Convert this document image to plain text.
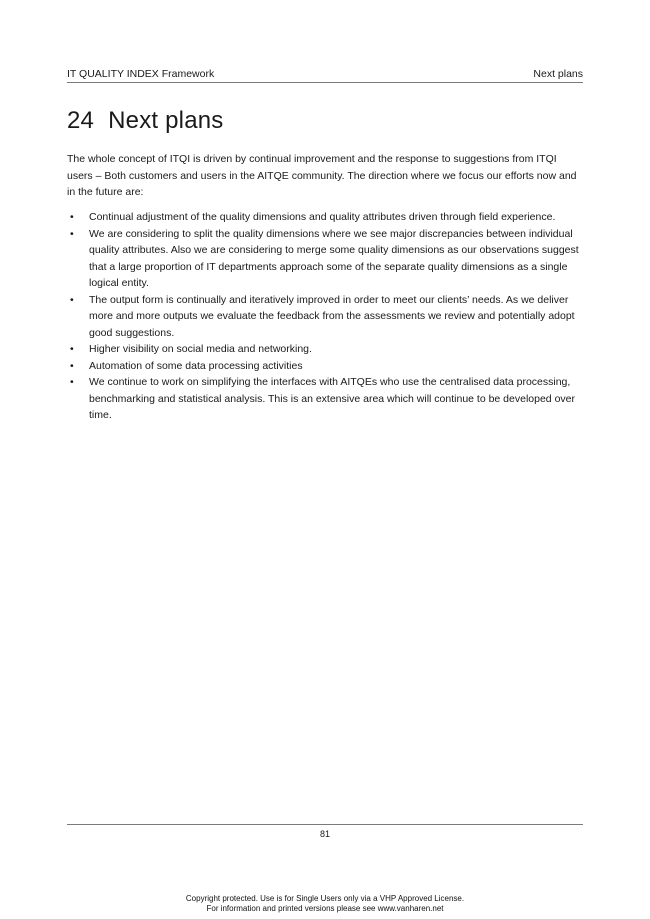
IT QUALITY INDEX Framework	Next plans
24 Next plans

The whole concept of ITQI is driven by continual improvement and the response to suggestions from ITQI users – Both customers and users in the AITQE community. The direction where we focus our efforts now and in the future are:

• Continual adjustment of the quality dimensions and quality attributes driven through field experience.
• We are considering to split the quality dimensions where we see major discrepancies between individual quality attributes. Also we are considering to merge some quality dimensions as our observations suggest that a large proportion of IT departments approach some of the separate quality dimensions as a single logical entity.
• The output form is continually and iteratively improved in order to meet our clients’ needs. As we deliver more and more outputs we evaluate the feedback from the assessments we review and potentially adopt good suggestions.
• Higher visibility on social media and networking.
• Automation of some data processing activities
• We continue to work on simplifying the interfaces with AITQEs who use the centralised data processing, benchmarking and statistical analysis. This is an extensive area which will continue to be developed over time.
81
Copyright protected. Use is for Single Users only via a VHP Approved License.
For information and printed versions please see www.vanharen.net
